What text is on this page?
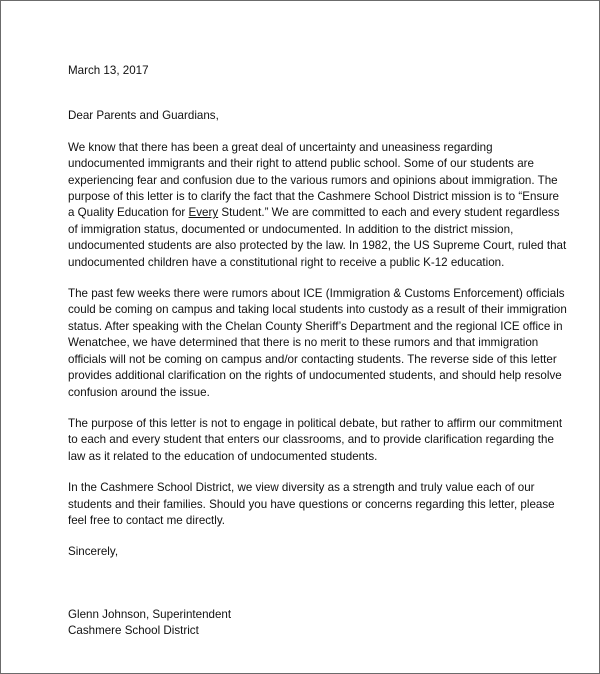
March 13, 2017

Dear Parents and Guardians,

We know that there has been a great deal of uncertainty and uneasiness regarding undocumented immigrants and their right to attend public school. Some of our students are experiencing fear and confusion due to the various rumors and opinions about immigration. The purpose of this letter is to clarify the fact that the Cashmere School District mission is to “Ensure a Quality Education for Every Student.” We are committed to each and every student regardless of immigration status, documented or undocumented. In addition to the district mission, undocumented students are also protected by the law. In 1982, the US Supreme Court, ruled that undocumented children have a constitutional right to receive a public K-12 education.

The past few weeks there were rumors about ICE (Immigration & Customs Enforcement) officials could be coming on campus and taking local students into custody as a result of their immigration status. After speaking with the Chelan County Sheriff’s Department and the regional ICE office in Wenatchee, we have determined that there is no merit to these rumors and that immigration officials will not be coming on campus and/or contacting students. The reverse side of this letter provides additional clarification on the rights of undocumented students, and should help resolve confusion around the issue.

The purpose of this letter is not to engage in political debate, but rather to affirm our commitment to each and every student that enters our classrooms, and to provide clarification regarding the law as it related to the education of undocumented students.

In the Cashmere School District, we view diversity as a strength and truly value each of our students and their families. Should you have questions or concerns regarding this letter, please feel free to contact me directly.

Sincerely,

Glenn Johnson, Superintendent

Cashmere School District
